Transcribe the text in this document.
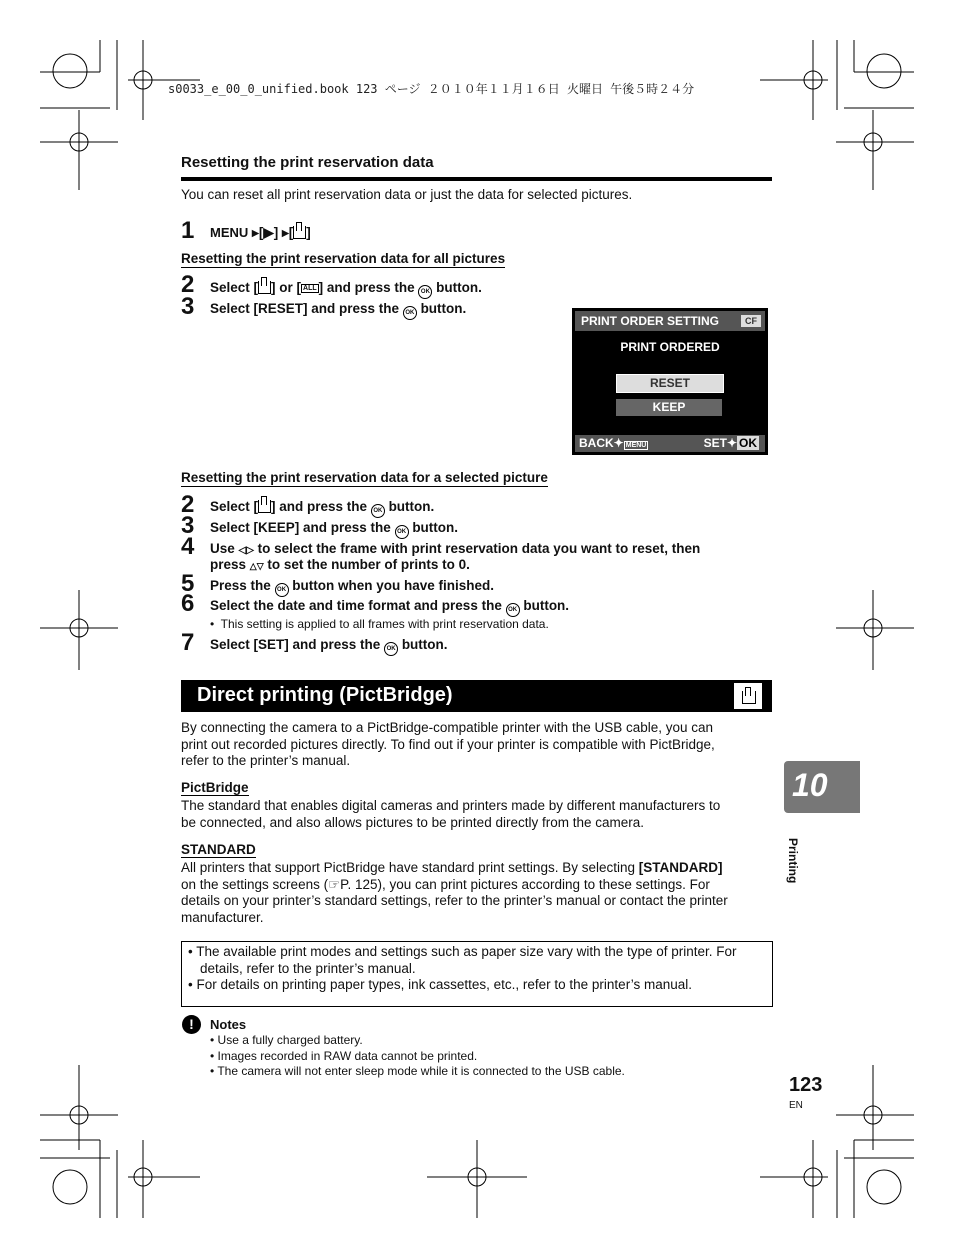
s0033_e_00_0_unified.book 123 ページ ２０１０年１１月１６日 火曜日 午後５時２４分
Resetting the print reservation data
You can reset all print reservation data or just the data for selected pictures.
1 MENU ▸[▶] ▸[ ]
Resetting the print reservation data for all pictures
2 Select [ ] or [ ALL ] and press the OK button.
3 Select [RESET] and press the OK button.
PRINT ORDER SETTING	CF
PRINT ORDERED
RESET
KEEP
BACK✦ MENU	SET✦ OK
Resetting the print reservation data for a selected picture
2 Select [ ] and press the OK button.
3 Select [KEEP] and press the OK button.
4 Use ◁▷ to select the frame with print reservation data you want to reset, then
press △▽ to set the number of prints to 0.
5 Press the OK button when you have finished.
6 Select the date and time format and press the OK button.
• This setting is applied to all frames with print reservation data.
7 Select [SET] and press the OK button.
Direct printing (PictBridge)
By connecting the camera to a PictBridge-compatible printer with the USB cable, you can
print out recorded pictures directly. To find out if your printer is compatible with PictBridge,
refer to the printer’s manual.
PictBridge
The standard that enables digital cameras and printers made by different manufacturers to
be connected, and also allows pictures to be printed directly from the camera.
STANDARD
All printers that support PictBridge have standard print settings. By selecting [STANDARD]
on the settings screens (☞P. 125), you can print pictures according to these settings. For
details on your printer’s standard settings, refer to the printer’s manual or contact the printer
manufacturer.
• The available print modes and settings such as paper size vary with the type of printer. For details, refer to the printer’s manual.
• For details on printing paper types, ink cassettes, etc., refer to the printer’s manual.
!	Notes
• Use a fully charged battery.
• Images recorded in RAW data cannot be printed.
• The camera will not enter sleep mode while it is connected to the USB cable.
10
Printing
123
EN
